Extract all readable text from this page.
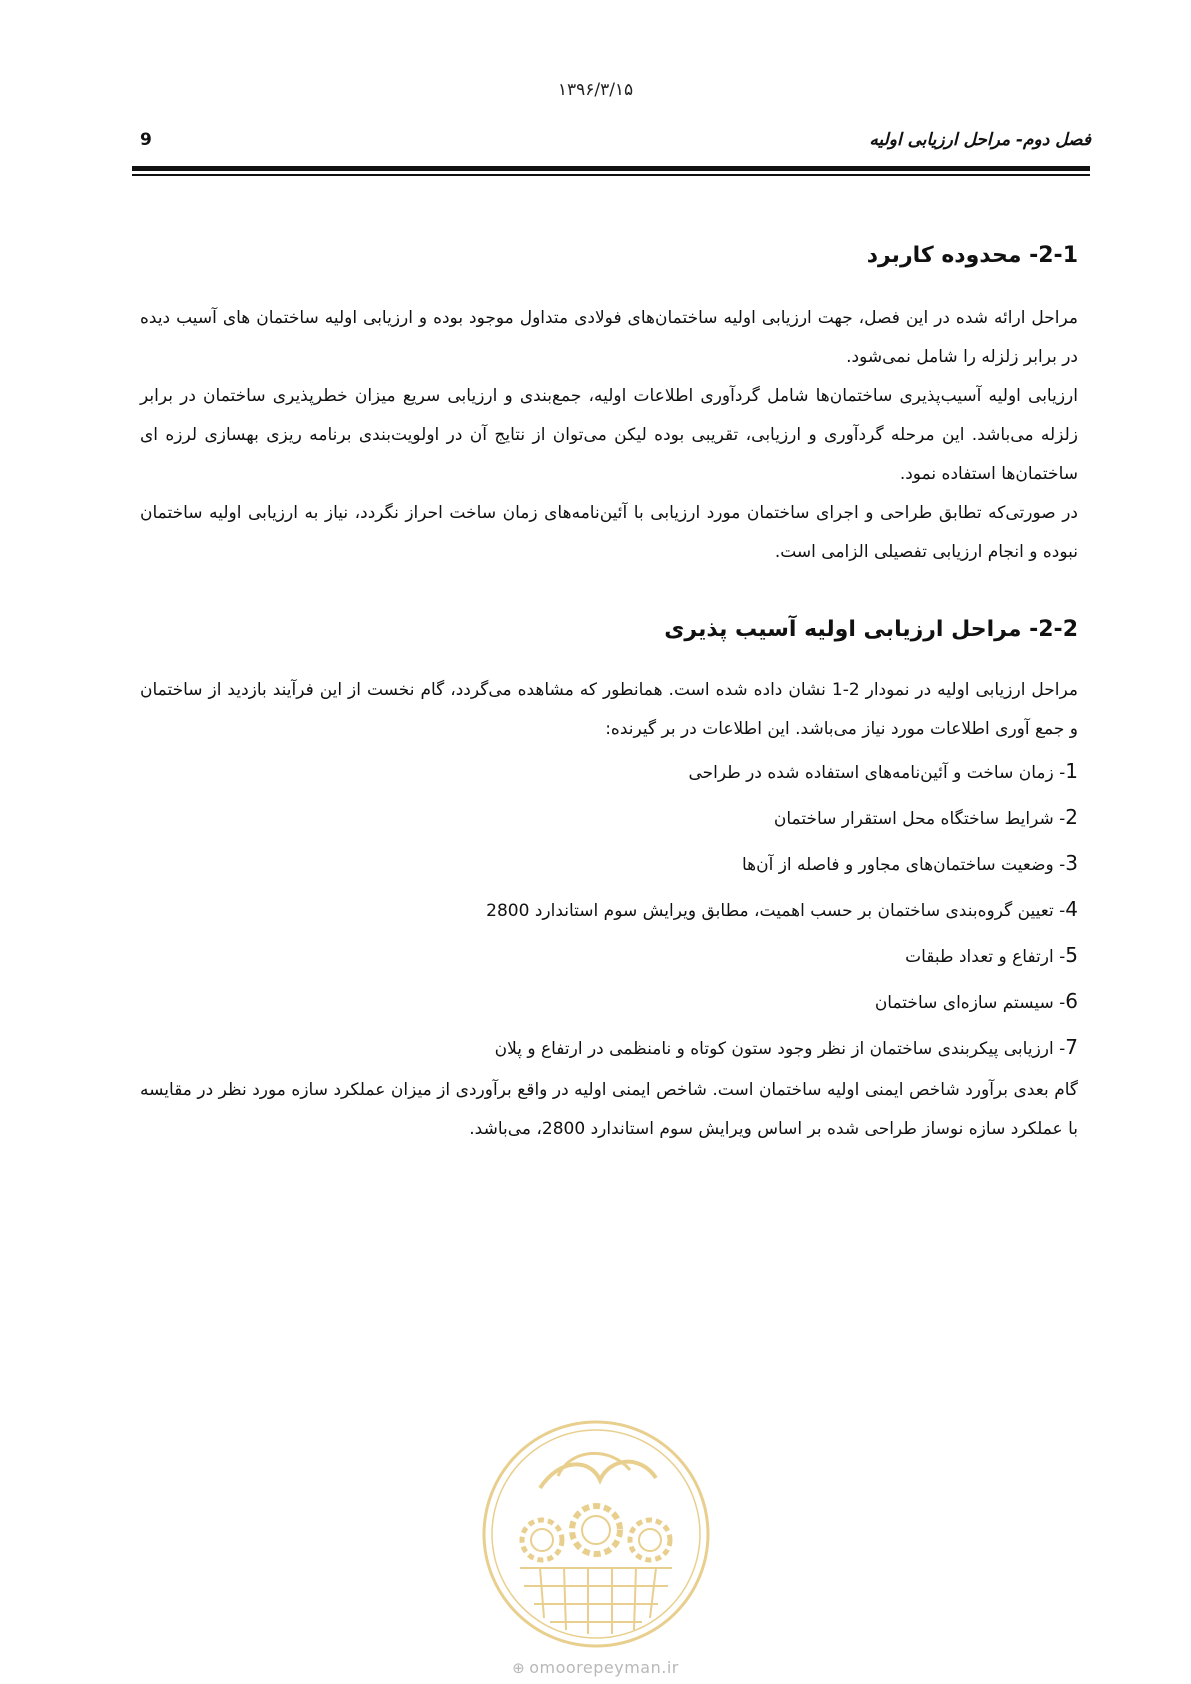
۱۳۹۶/۳/۱۵
فصل دوم- مراحل ارزیابی اولیه
9
2-1- محدوده کاربرد

مراحل ارائه شده در این فصل، جهت ارزیابی اولیه ساختمان‌های فولادی متداول موجود بوده و ارزیابی اولیه ساختمان های آسیب دیده در برابر زلزله را شامل نمی‌شود.

ارزیابی اولیه آسیب‌پذیری ساختمان‌ها شامل گردآوری اطلاعات اولیه، جمع‌بندی و ارزیابی سریع میزان خطرپذیری ساختمان در برابر زلزله می‌باشد. این مرحله گردآوری و ارزیابی، تقریبی بوده لیکن می‌توان از نتایج آن در اولویت‌بندی برنامه ریزی بهسازی لرزه ای ساختمان‌ها استفاده نمود.

در صورتی‌که تطابق طراحی و اجرای ساختمان مورد ارزیابی با آئین‌نامه‌های زمان ساخت احراز نگردد، نیاز به ارزیابی اولیه ساختمان نبوده و انجام ارزیابی تفصیلی الزامی است.

2-2- مراحل ارزیابی اولیه آسیب پذیری

مراحل ارزیابی اولیه در نمودار 2-1 نشان داده شده است. همانطور که مشاهده می‌گردد، گام نخست از این فرآیند بازدید از ساختمان و جمع آوری اطلاعات مورد نیاز می‌باشد. این اطلاعات در بر گیرنده:

1- زمان ساخت و آئین‌نامه‌های استفاده شده در طراحی
2- شرایط ساختگاه محل استقرار ساختمان
3- وضعیت ساختمان‌های مجاور و فاصله از آن‌ها
4- تعیین گروه‌بندی ساختمان بر حسب اهمیت، مطابق ویرایش سوم استاندارد 2800
5- ارتفاع و تعداد طبقات
6- سیستم سازه‌ای ساختمان
7- ارزیابی پیکربندی ساختمان از نظر وجود ستون کوتاه و نامنظمی در ارتفاع و پلان

گام بعدی برآورد شاخص ایمنی اولیه ساختمان است. شاخص ایمنی اولیه در واقع برآوردی از میزان عملکرد سازه مورد نظر در مقایسه با عملکرد سازه نوساز طراحی شده بر اساس ویرایش سوم استاندارد 2800، می‌باشد.

⊕ omoorepeyman.ir
